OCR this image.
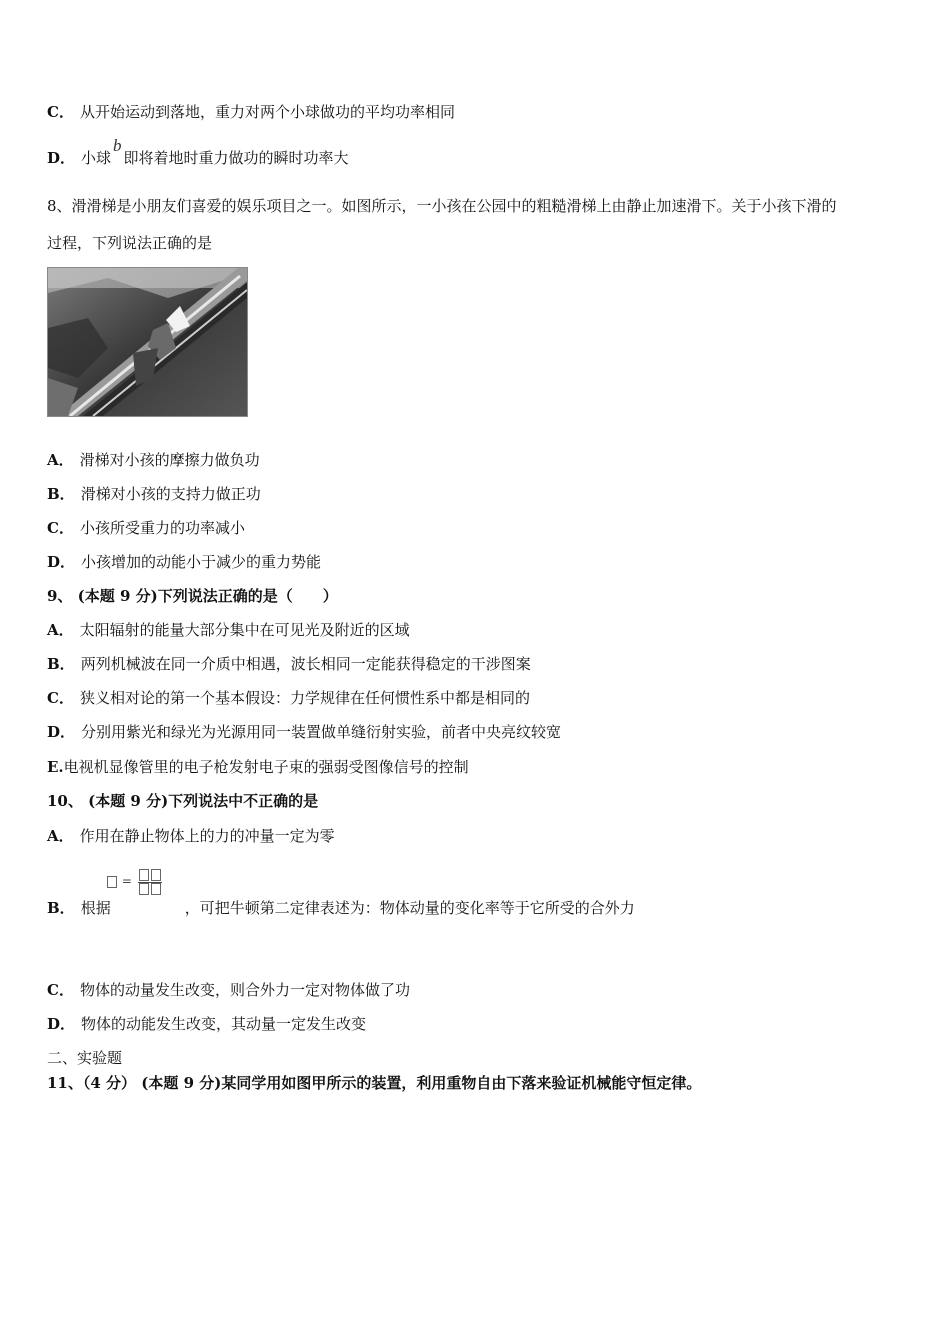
C． 从开始运动到落地，重力对两个小球做功的平均功率相同
D． 小球b即将着地时重力做功的瞬时功率大
8、滑滑梯是小朋友们喜爱的娱乐项目之一。如图所示，一小孩在公园中的粗糙滑梯上由静止加速滑下。关于小孩下滑的
过程，下列说法正确的是
A． 滑梯对小孩的摩擦力做负功
B． 滑梯对小孩的支持力做正功
C． 小孩所受重力的功率减小
D． 小孩增加的动能小于减少的重力势能
9、 (本题 9 分)下列说法正确的是（　　）
A． 太阳辐射的能量大部分集中在可见光及附近的区域
B． 两列机械波在同一介质中相遇，波长相同一定能获得稳定的干涉图案
C． 狭义相对论的第一个基本假设：力学规律在任何惯性系中都是相同的
D． 分别用紫光和绿光为光源用同一装置做单缝衍射实验，前者中央亮纹较宽
E.电视机显像管里的电子枪发射电子束的强弱受图像信号的控制
10、 (本题 9 分)下列说法中不正确的是
A． 作用在静止物体上的力的冲量一定为零
=
B． 根据	，可把牛顿第二定律表述为：物体动量的变化率等于它所受的合外力
C． 物体的动量发生改变，则合外力一定对物体做了功
D． 物体的动能发生改变，其动量一定发生改变
二、实验题
11、（4 分） (本题 9 分)某同学用如图甲所示的装置，利用重物自由下落来验证机械能守恒定律。
